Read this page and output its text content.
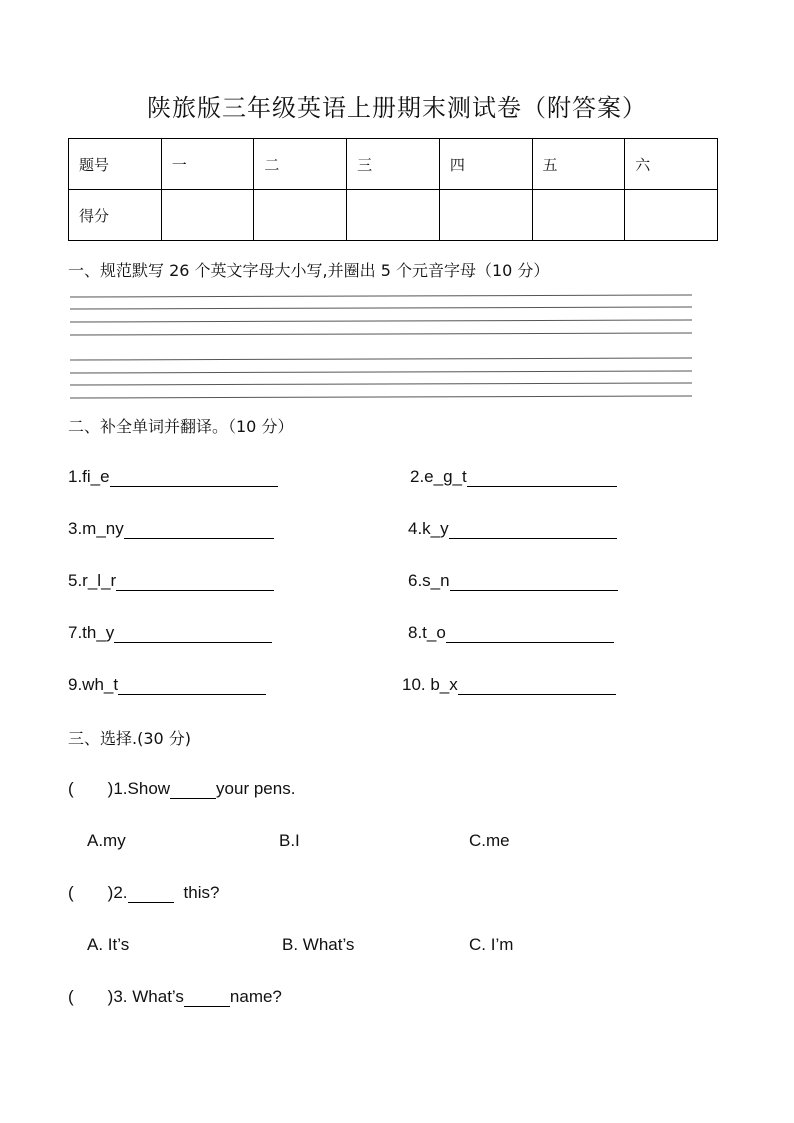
陕旅版三年级英语上册期末测试卷（附答案）
题号	一	二	三	四	五	六
得分						
一、规范默写 26 个英文字母大小写,并圈出 5 个元音字母（10 分）
二、补全单词并翻译。（10 分）
1.fi_e	2.e_g_t
3.m_ny	4.k_y
5.r_l_r	6.s_n
7.th_y	8.t_o
9.wh_t	10. b_x
三、选择.(30 分)
( ) 1.Show	your pens.
A.my	B.I	C.me
( ) 2.	this?
A. It’s	B. What’s	C. I’m
( ) 3. What’s	name?
